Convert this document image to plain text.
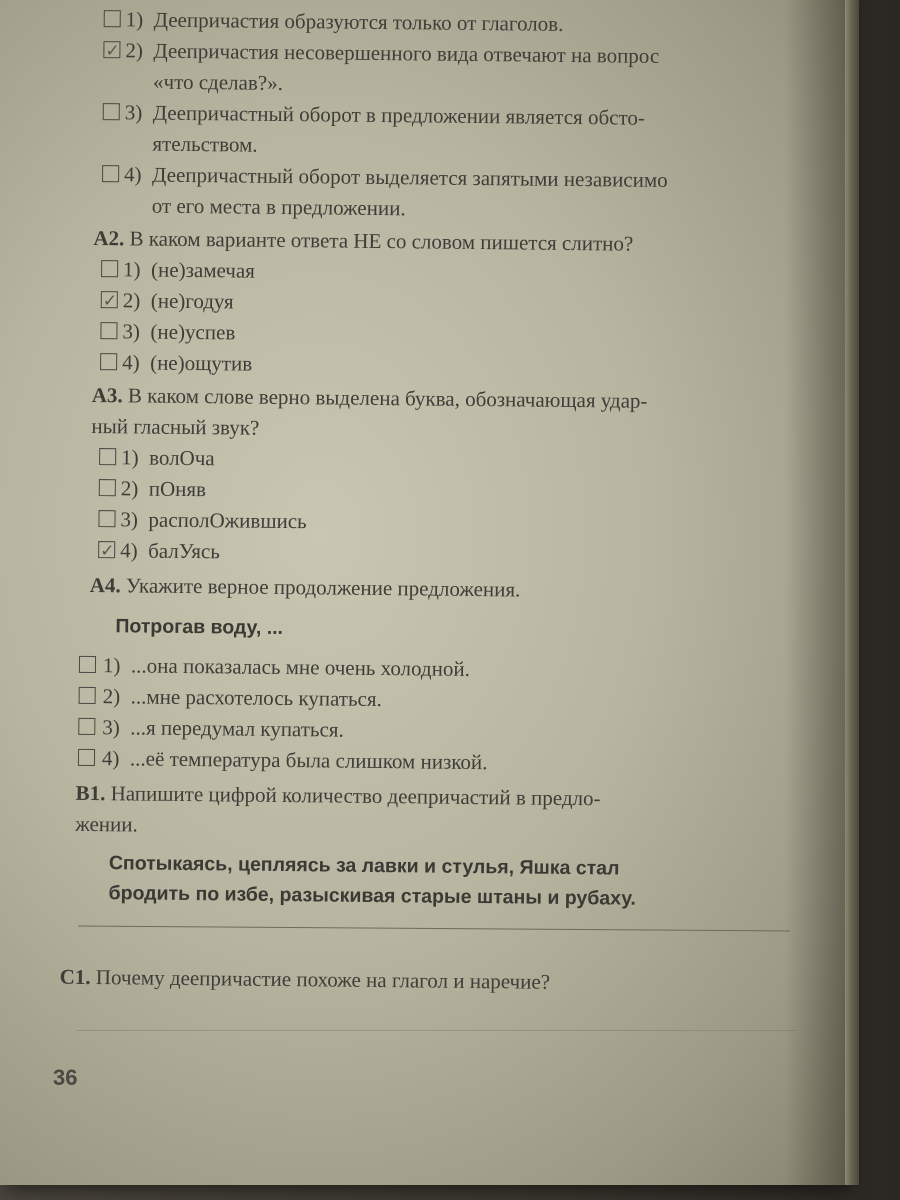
1) Деепричастия образуются только от глаголов.
✓
2) Деепричастия несовершенного вида отвечают на вопрос
«что сделав?».
3) Деепричастный оборот в предложении является обсто-
ятельством.
4) Деепричастный оборот выделяется запятыми независимо
от его места в предложении.
А2. В каком варианте ответа НЕ со словом пишется слитно?
1) (не)замечая
✓
2) (не)годуя
3) (не)успев
4) (не)ощутив
А3. В каком слове верно выделена буква, обозначающая удар-
ный гласный звук?
1) волОча
2) пОняв
3) располОжившись
✓
4) балУясь
А4. Укажите верное продолжение предложения.
Потрогав воду, ...
1) ...она показалась мне очень холодной.
2) ...мне расхотелось купаться.
3) ...я передумал купаться.
4) ...её температура была слишком низкой.
В1. Напишите цифрой количество деепричастий в предло-
жении.
Спотыкаясь, цепляясь за лавки и стулья, Яшка стал
бродить по избе, разыскивая старые штаны и рубаху.
С1. Почему деепричастие похоже на глагол и наречие?
36
